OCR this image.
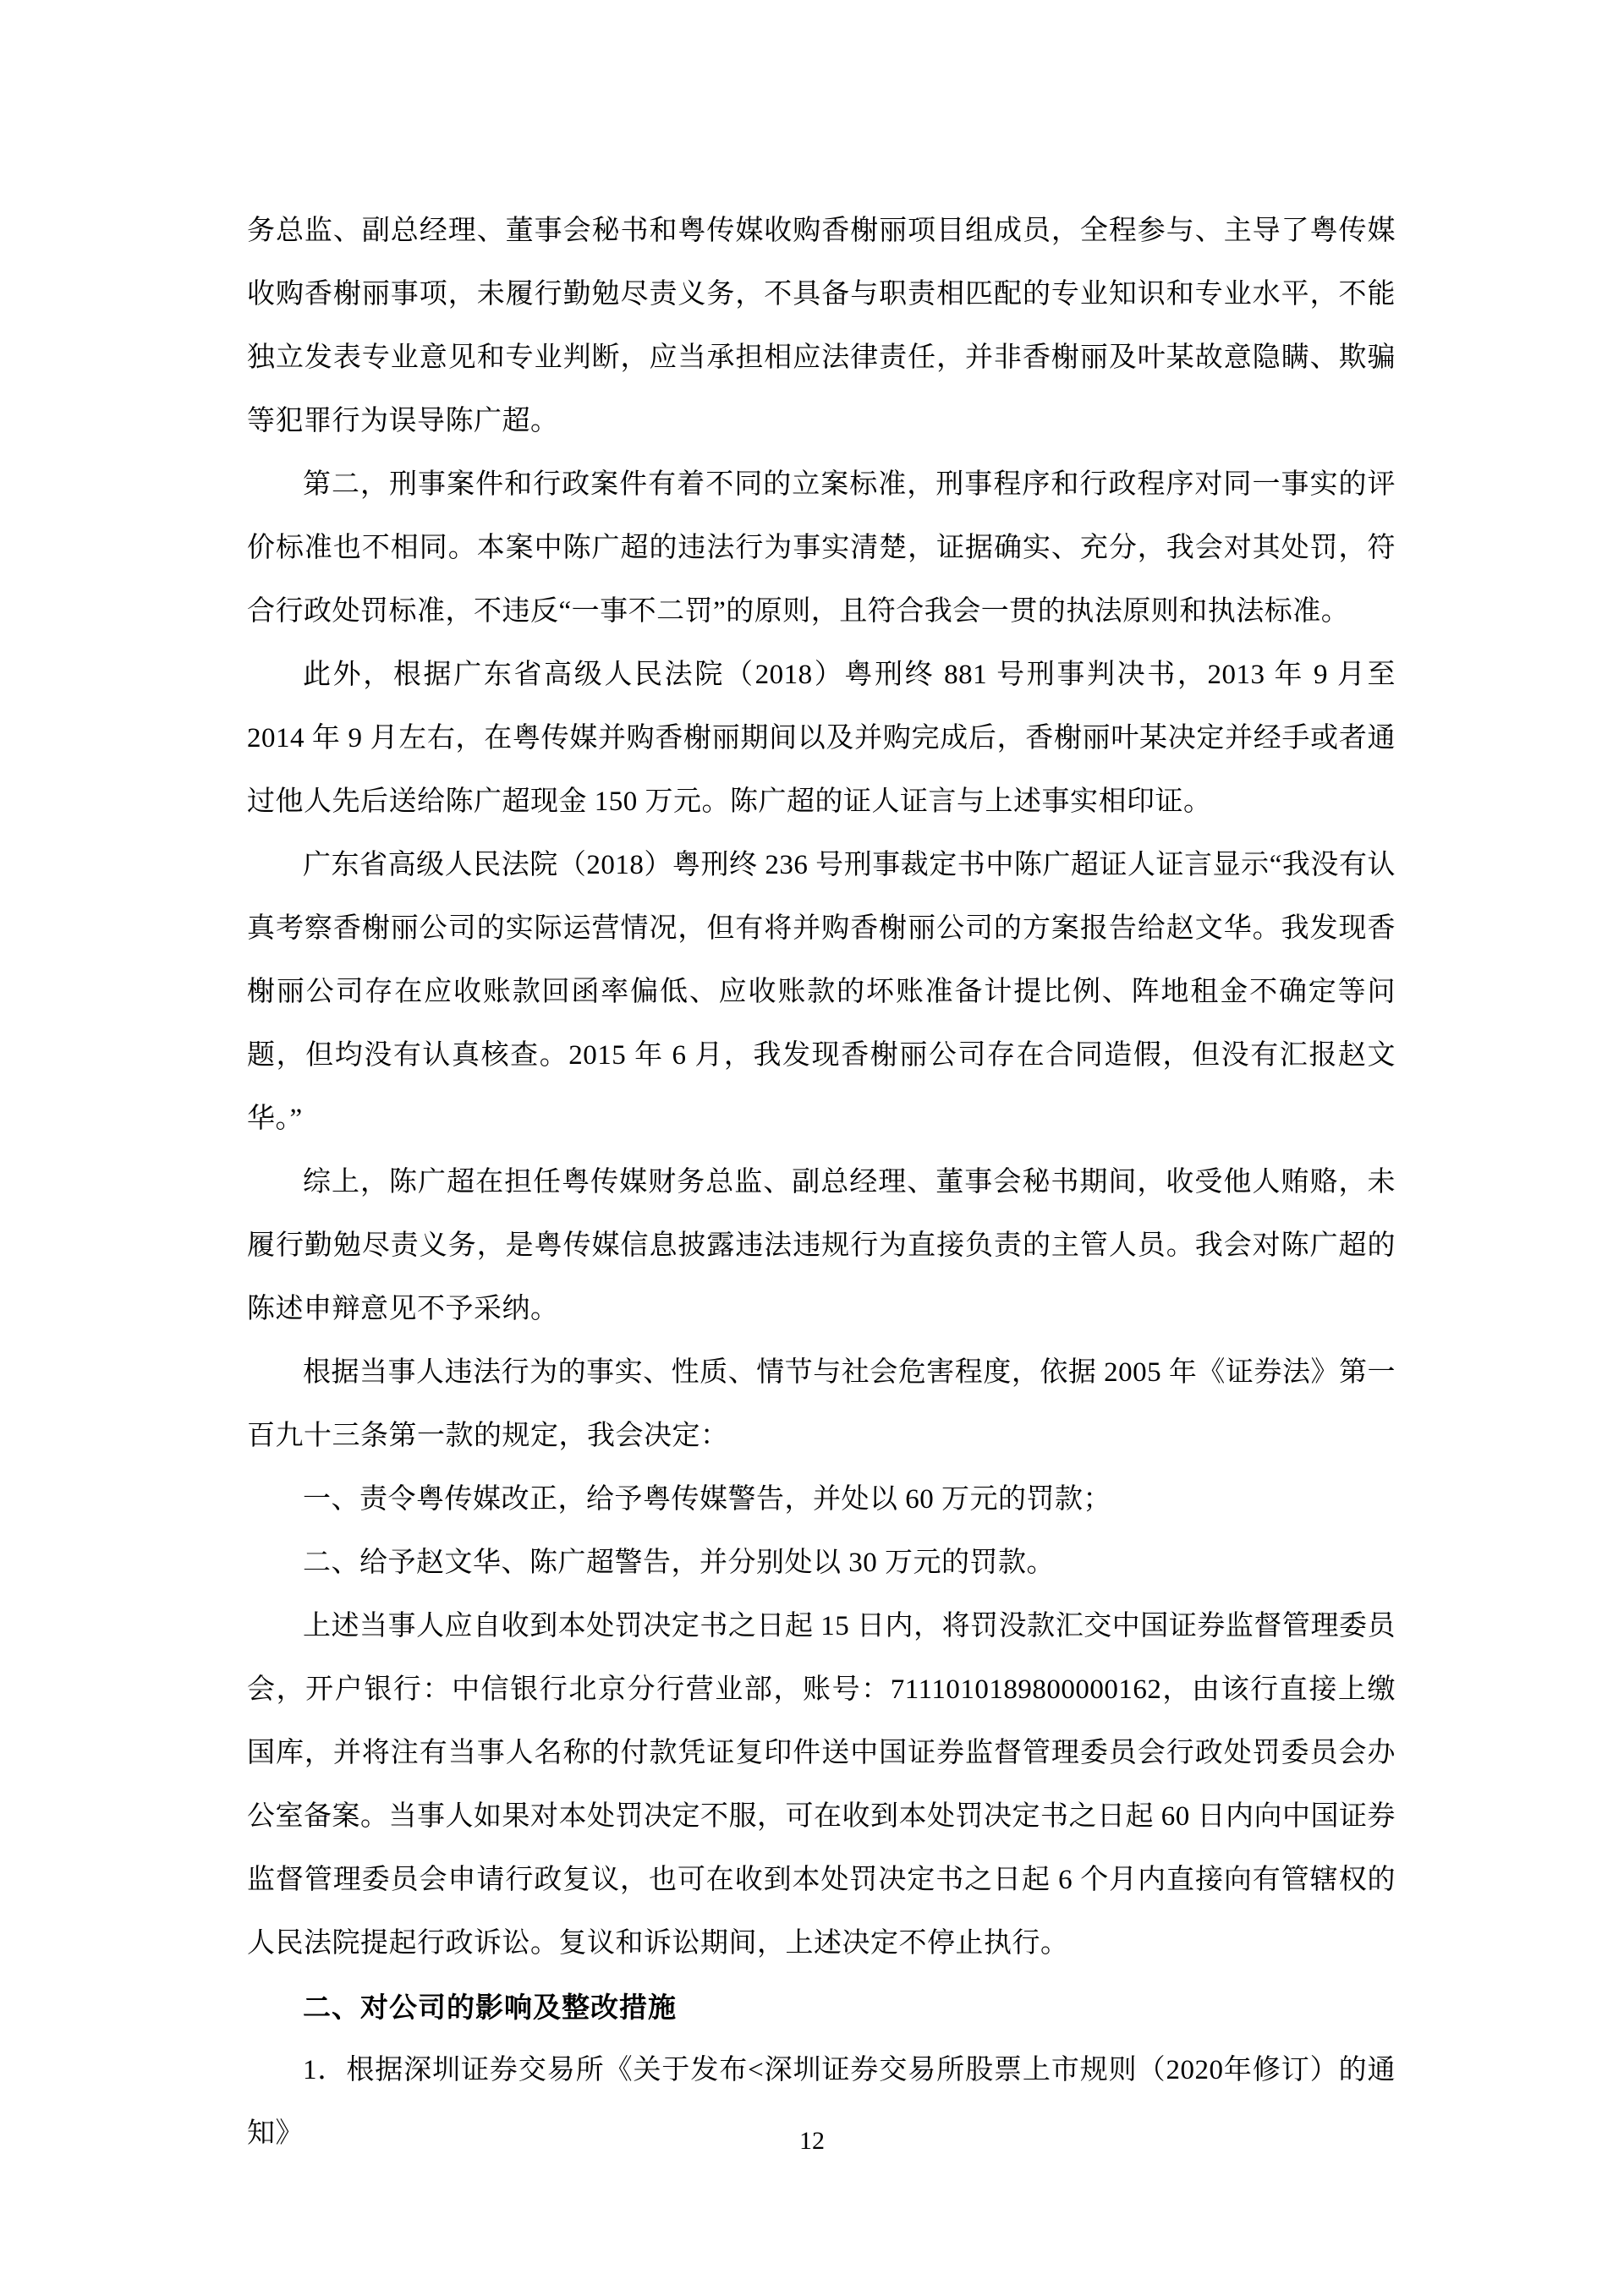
务总监、副总经理、董事会秘书和粤传媒收购香榭丽项目组成员，全程参与、主导了粤传媒收购香榭丽事项，未履行勤勉尽责义务，不具备与职责相匹配的专业知识和专业水平，不能独立发表专业意见和专业判断，应当承担相应法律责任，并非香榭丽及叶某故意隐瞒、欺骗等犯罪行为误导陈广超。

第二，刑事案件和行政案件有着不同的立案标准，刑事程序和行政程序对同一事实的评价标准也不相同。本案中陈广超的违法行为事实清楚，证据确实、充分，我会对其处罚，符合行政处罚标准，不违反“一事不二罚”的原则，且符合我会一贯的执法原则和执法标准。

此外，根据广东省高级人民法院（2018）粤刑终 881 号刑事判决书，2013 年 9 月至 2014 年 9 月左右，在粤传媒并购香榭丽期间以及并购完成后，香榭丽叶某决定并经手或者通过他人先后送给陈广超现金 150 万元。陈广超的证人证言与上述事实相印证。

广东省高级人民法院（2018）粤刑终 236 号刑事裁定书中陈广超证人证言显示“我没有认真考察香榭丽公司的实际运营情况，但有将并购香榭丽公司的方案报告给赵文华。我发现香榭丽公司存在应收账款回函率偏低、应收账款的坏账准备计提比例、阵地租金不确定等问题，但均没有认真核查。2015 年 6 月，我发现香榭丽公司存在合同造假，但没有汇报赵文华。”

综上，陈广超在担任粤传媒财务总监、副总经理、董事会秘书期间，收受他人贿赂，未履行勤勉尽责义务，是粤传媒信息披露违法违规行为直接负责的主管人员。我会对陈广超的陈述申辩意见不予采纳。

根据当事人违法行为的事实、性质、情节与社会危害程度，依据 2005 年《证券法》第一百九十三条第一款的规定，我会决定：

一、责令粤传媒改正，给予粤传媒警告，并处以 60 万元的罚款；

二、给予赵文华、陈广超警告，并分别处以 30 万元的罚款。

上述当事人应自收到本处罚决定书之日起 15 日内，将罚没款汇交中国证券监督管理委员会，开户银行：中信银行北京分行营业部，账号：7111010189800000162，由该行直接上缴国库，并将注有当事人名称的付款凭证复印件送中国证券监督管理委员会行政处罚委员会办公室备案。当事人如果对本处罚决定不服，可在收到本处罚决定书之日起 60 日内向中国证券监督管理委员会申请行政复议，也可在收到本处罚决定书之日起 6 个月内直接向有管辖权的人民法院提起行政诉讼。复议和诉讼期间，上述决定不停止执行。

二、对公司的影响及整改措施

1．根据深圳证券交易所《关于发布<深圳证券交易所股票上市规则（2020年修订）的通知》	12
